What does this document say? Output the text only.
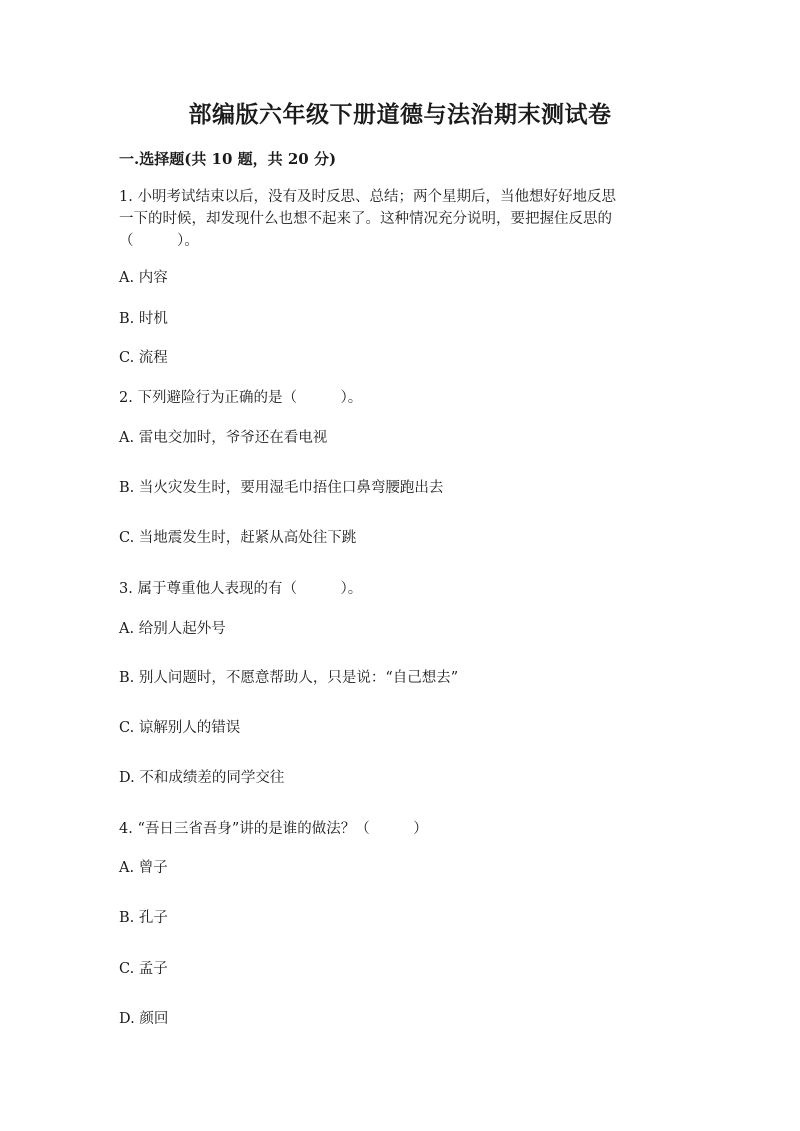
部编版六年级下册道德与法治期末测试卷
一.选择题(共 10 题，共 20 分)
1. 小明考试结束以后，没有及时反思、总结；两个星期后，当他想好好地反思
一下的时候，却发现什么也想不起来了。这种情况充分说明，要把握住反思的
（　　　）。
A. 内容
B. 时机
C. 流程
2. 下列避险行为正确的是（　　　）。
A. 雷电交加时，爷爷还在看电视
B. 当火灾发生时，要用湿毛巾捂住口鼻弯腰跑出去
C. 当地震发生时，赶紧从高处往下跳
3. 属于尊重他人表现的有（　　　）。
A. 给别人起外号
B. 别人问题时，不愿意帮助人，只是说：“自己想去”
C. 谅解别人的错误
D. 不和成绩差的同学交往
4. “吾日三省吾身”讲的是谁的做法？（　　　）
A. 曾子
B. 孔子
C. 孟子
D. 颜回
